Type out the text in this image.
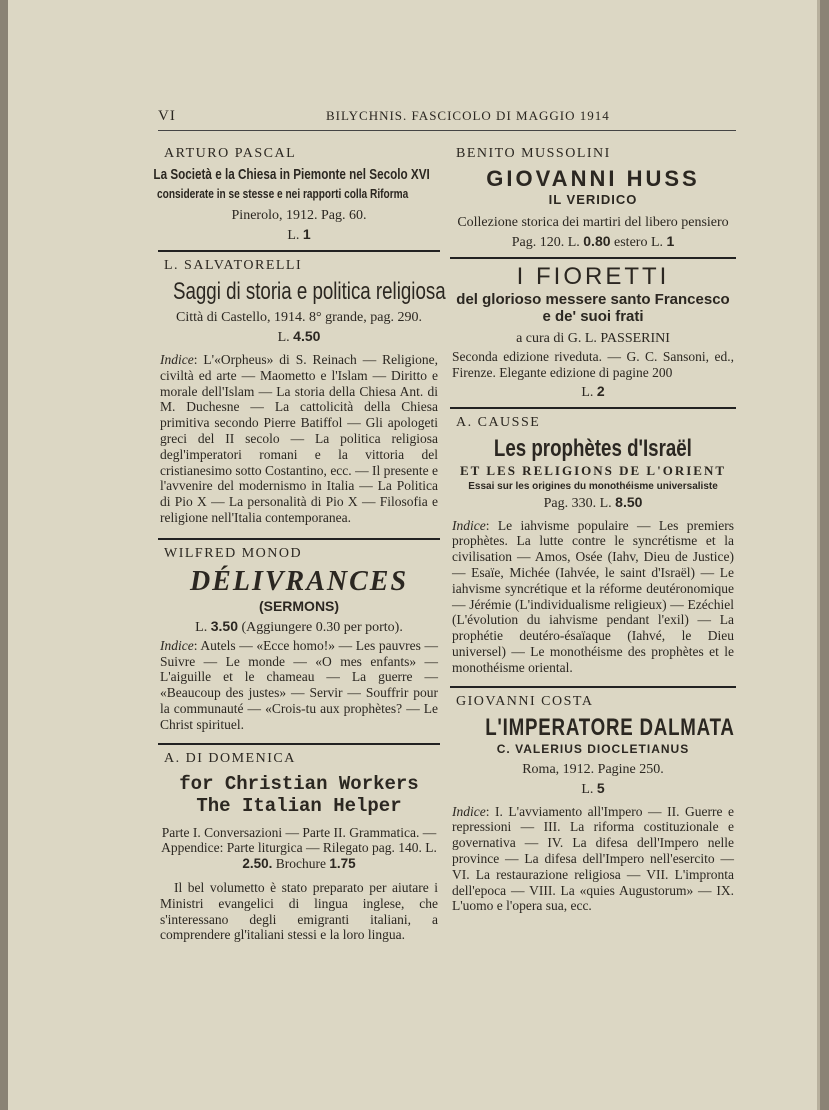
VI	BILYCHNIS. FASCICOLO DI MAGGIO 1914
ARTURO PASCAL
La Società e la Chiesa in Piemonte nel Secolo XVI
considerate in se stesse e nei rapporti colla Riforma
Pinerolo, 1912. Pag. 60.
L. 1
L. SALVATORELLI
Saggi di storia e politica religiosa
Città di Castello, 1914. 8° grande, pag. 290.
L. 4.50
Indice: L'«Orpheus» di S. Reinach — Religione, civiltà ed arte — Maometto e l'Islam — Diritto e morale dell'Islam — La storia della Chiesa Ant. di M. Duchesne — La cattolicità della Chiesa primitiva secondo Pierre Batiffol — Gli apologeti greci del II secolo — La politica religiosa degl'imperatori romani e la vittoria del cristianesimo sotto Costantino, ecc. — Il presente e l'avvenire del modernismo in Italia — La Politica di Pio X — La personalità di Pio X — Filosofia e religione nell'Italia contemporanea.
WILFRED MONOD
DÉLIVRANCES
(SERMONS)
L. 3.50 (Aggiungere 0.30 per porto).
Indice: Autels — «Ecce homo!» — Les pauvres — Suivre — Le monde — «O mes enfants» — L'aiguille et le chameau — La guerre — «Beaucoup des justes» — Servir — Souffrir pour la communauté — «Crois-tu aux prophètes? — Le Christ spirituel.
A. DI DOMENICA
for Christian Workers
The Italian Helper
Parte I. Conversazioni — Parte II. Grammatica. — Appendice: Parte liturgica — Rilegato pag. 140. L. 2.50. Brochure 1.75
Il bel volumetto è stato preparato per aiutare i Ministri evangelici di lingua inglese, che s'interessano degli emigranti italiani, a comprendere gl'italiani stessi e la loro lingua.
BENITO MUSSOLINI
GIOVANNI HUSS
IL VERIDICO
Collezione storica dei martiri del libero pensiero
Pag. 120. L. 0.80 estero L. 1
I FIORETTI
del glorioso messere santo Francesco
e de' suoi frati
a cura di G. L. PASSERINI
Seconda edizione riveduta. — G. C. Sansoni, ed., Firenze. Elegante edizione di pagine 200
L. 2
A. CAUSSE
Les prophètes d'Israël
ET LES RELIGIONS DE L'ORIENT
Essai sur les origines du monothéisme universaliste
Pag. 330. L. 8.50
Indice: Le iahvisme populaire — Les premiers prophètes. La lutte contre le syncrétisme et la civilisation — Amos, Osée (Iahv, Dieu de Justice) — Esaïe, Michée (Iahvée, le saint d'Israël) — Le iahvisme syncrétique et la réforme deutéronomique — Jérémie (L'individualisme religieux) — Ezéchiel (L'évolution du iahvisme pendant l'exil) — La prophétie deutéro-ésaïaque (Iahvé, le Dieu universel) — Le monothéisme des prophètes et le monothéisme oriental.
GIOVANNI COSTA
L'IMPERATORE DALMATA
C. VALERIUS DIOCLETIANUS
Roma, 1912. Pagine 250.
L. 5
Indice: I. L'avviamento all'Impero — II. Guerre e repressioni — III. La riforma costituzionale e governativa — IV. La difesa dell'Impero nelle province — La difesa dell'Impero nell'esercito — VI. La restaurazione religiosa — VII. L'impronta dell'epoca — VIII. La «quies Augustorum» — IX. L'uomo e l'opera sua, ecc.
